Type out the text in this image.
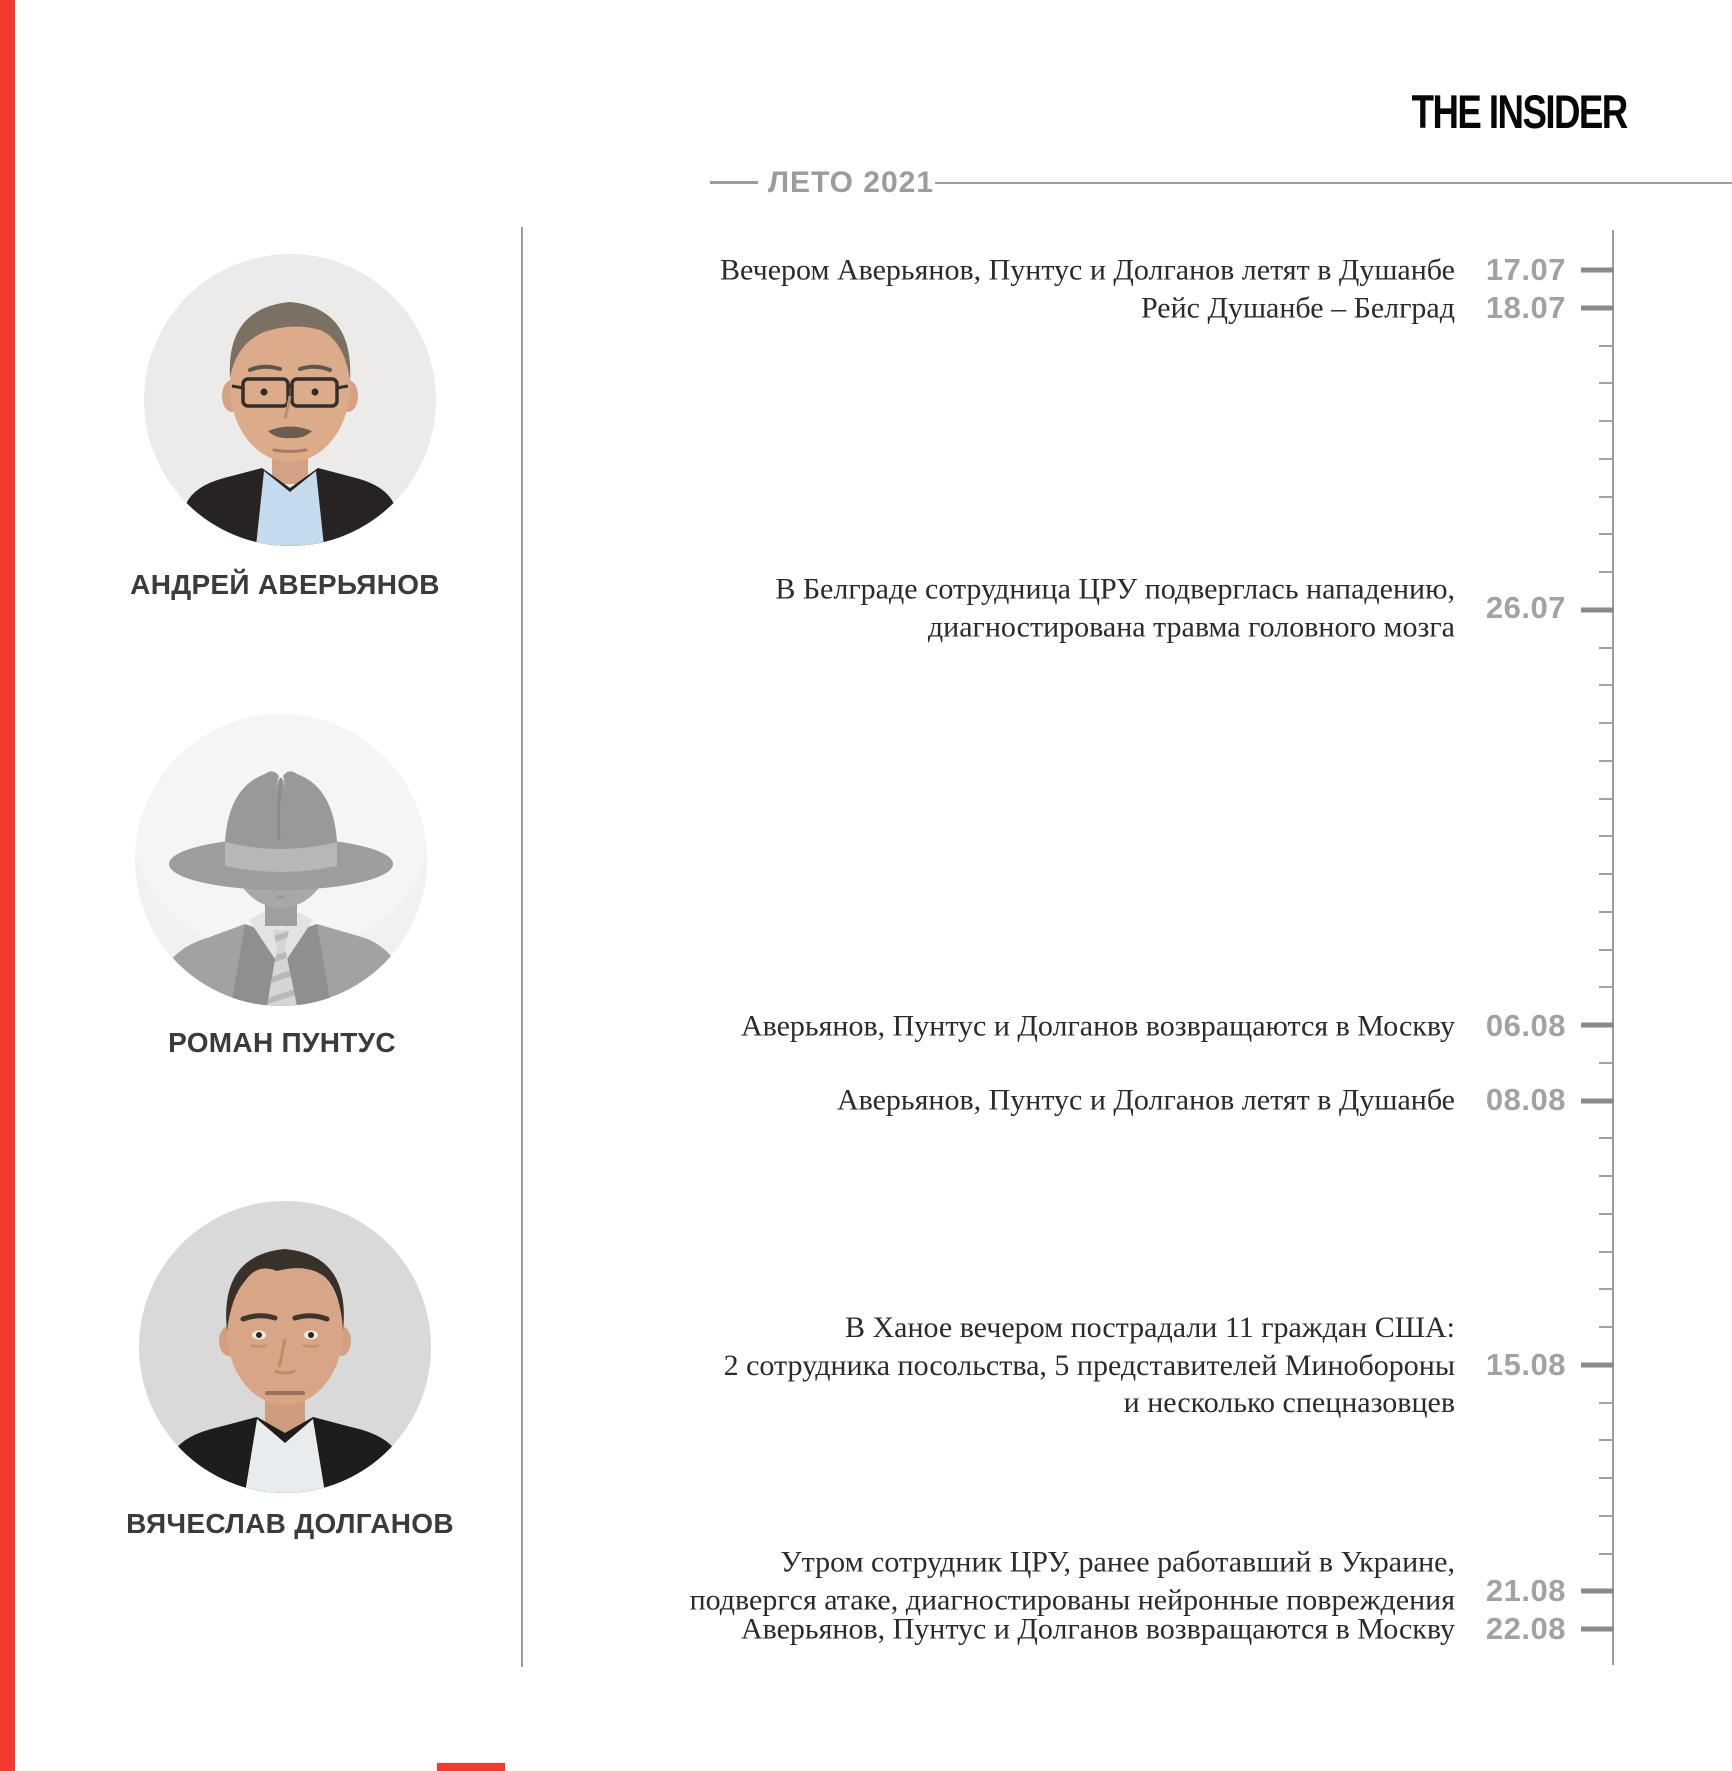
THE INSIDER
ЛЕТО 2021
АНДРЕЙ АВЕРЬЯНОВ
РОМАН ПУНТУС
ВЯЧЕСЛАВ ДОЛГАНОВ
17.07
18.07
26.07
06.08
08.08
15.08
21.08
22.08
Вечером Аверьянов, Пунтус и Долганов летят в Душанбе
Рейс Душанбе – Белград
В Белграде сотрудница ЦРУ подверглась нападению,
диагностирована травма головного мозга
Аверьянов, Пунтус и Долганов возвращаются в Москву
Аверьянов, Пунтус и Долганов летят в Душанбе
В Ханое вечером пострадали 11 граждан США:
2 сотрудника посольства, 5 представителей Минобороны
и несколько спецназовцев
Утром сотрудник ЦРУ, ранее работавший в Украине,
подвергся атаке, диагностированы нейронные повреждения
Аверьянов, Пунтус и Долганов возвращаются в Москву
